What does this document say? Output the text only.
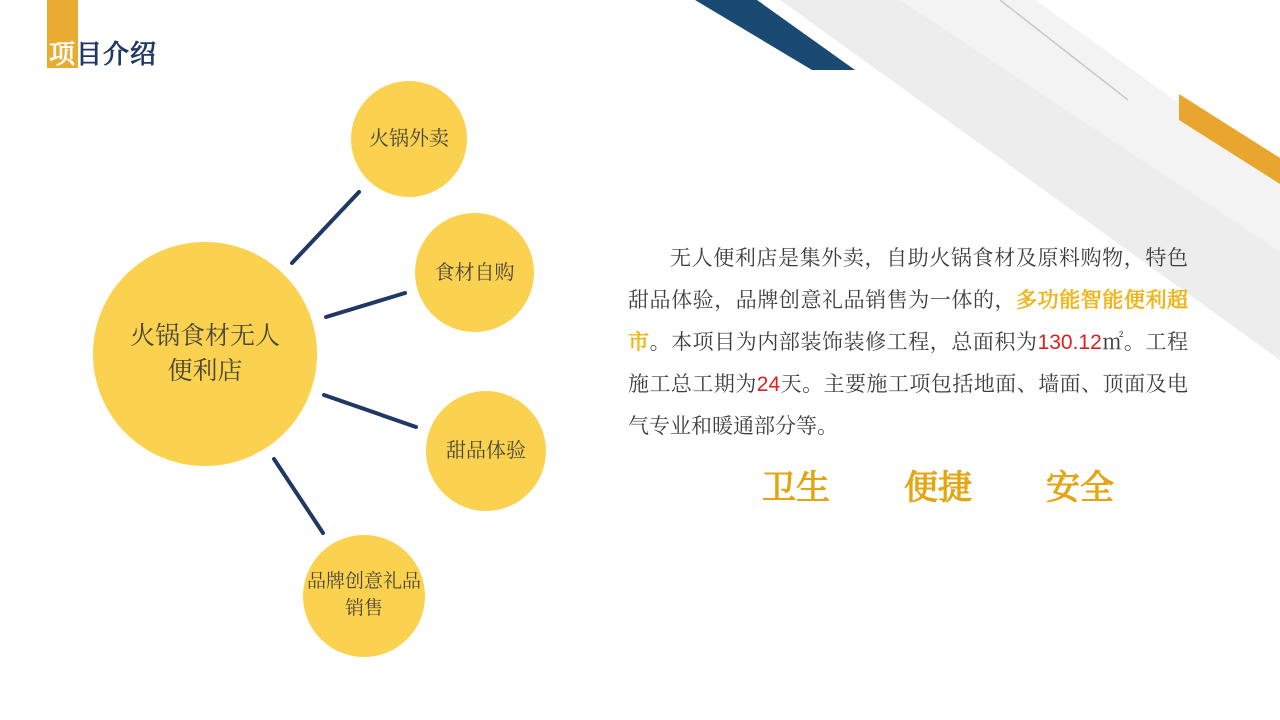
项目介绍
火锅食材无人
便利店
火锅外卖
食材自购
甜品体验
品牌创意礼品
销售
无人便利店是集外卖，自助火锅食材及原料购物，特色甜品体验，品牌创意礼品销售为一体的，多功能智能便利超市。本项目为内部装饰装修工程，总面积为130.12㎡。工程施工总工期为24天。主要施工项包括地面、墙面、顶面及电气专业和暖通部分等。
卫生 便捷 安全
